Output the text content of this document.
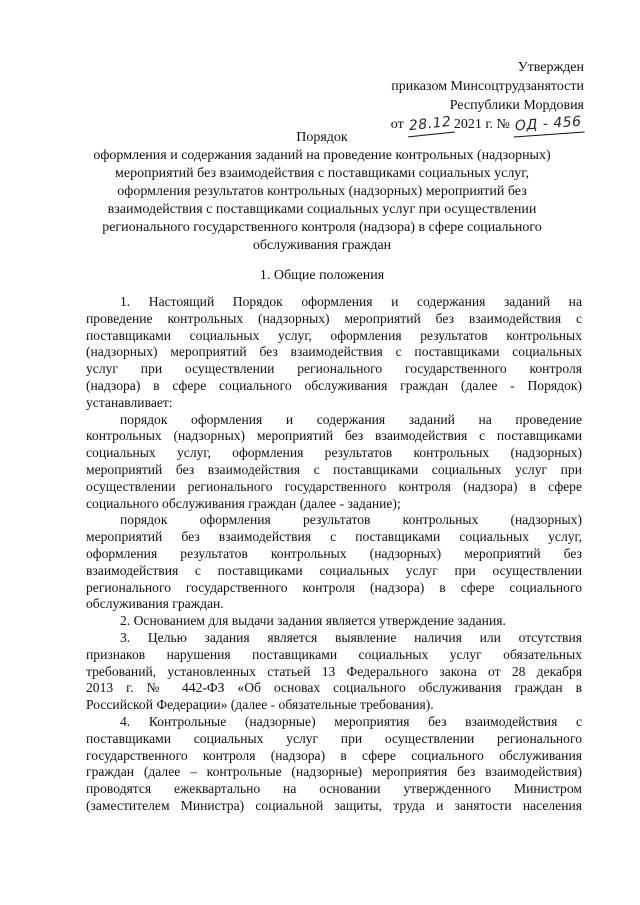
Утвержден
приказом Минсоцтрудзанятости
Республики Мордовия
от 28.122021 г. № ОД - 456
Порядок
оформления и содержания заданий на проведение контрольных (надзорных)
мероприятий без взаимодействия с поставщиками социальных услуг,
оформления результатов контрольных (надзорных) мероприятий без
взаимодействия с поставщиками социальных услуг при осуществлении
регионального государственного контроля (надзора) в сфере социального
обслуживания граждан
1. Общие положения
1. Настоящий Порядок оформления и содержания заданий на
проведение контрольных (надзорных) мероприятий без взаимодействия с
поставщиками социальных услуг, оформления результатов контрольных
(надзорных) мероприятий без взаимодействия с поставщиками социальных
услуг при осуществлении регионального государственного контроля
(надзора) в сфере социального обслуживания граждан (далее - Порядок)
устанавливает:
порядок оформления и содержания заданий на проведение
контрольных (надзорных) мероприятий без взаимодействия с поставщиками
социальных услуг, оформления результатов контрольных (надзорных)
мероприятий без взаимодействия с поставщиками социальных услуг при
осуществлении регионального государственного контроля (надзора) в сфере
социального обслуживания граждан (далее - задание);
порядок оформления результатов контрольных (надзорных)
мероприятий без взаимодействия с поставщиками социальных услуг,
оформления результатов контрольных (надзорных) мероприятий без
взаимодействия с поставщиками социальных услуг при осуществлении
регионального государственного контроля (надзора) в сфере социального
обслуживания граждан.
2. Основанием для выдачи задания является утверждение задания.
3. Целью задания является выявление наличия или отсутствия
признаков нарушения поставщиками социальных услуг обязательных
требований, установленных статьей 13 Федерального закона от 28 декабря
2013 г. № 442-ФЗ «Об основах социального обслуживания граждан в
Российской Федерации» (далее - обязательные требования).
4. Контрольные (надзорные) мероприятия без взаимодействия с
поставщиками социальных услуг при осуществлении регионального
государственного контроля (надзора) в сфере социального обслуживания
граждан (далее – контрольные (надзорные) мероприятия без взаимодействия)
проводятся ежеквартально на основании утвержденного Министром
(заместителем Министра) социальной защиты, труда и занятости населения
